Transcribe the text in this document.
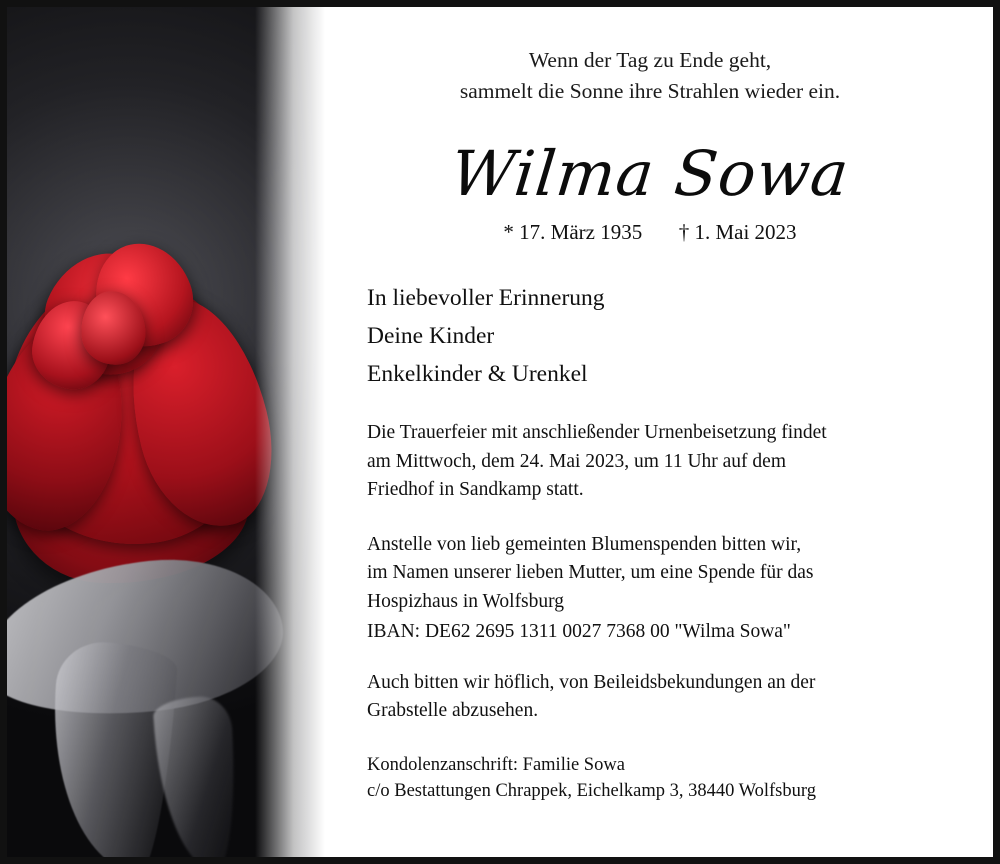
Wenn der Tag zu Ende geht,
sammelt die Sonne ihre Strahlen wieder ein.
Wilma Sowa
* 17. März 1935 † 1. Mai 2023
In liebevoller Erinnerung
Deine Kinder
Enkelkinder & Urenkel
Die Trauerfeier mit anschließender Urnenbeisetzung findet
am Mittwoch, dem 24. Mai 2023, um 11 Uhr auf dem
Friedhof in Sandkamp statt.
Anstelle von lieb gemeinten Blumenspenden bitten wir,
im Namen unserer lieben Mutter, um eine Spende für das
Hospizhaus in Wolfsburg
IBAN: DE62 2695 1311 0027 7368 00 "Wilma Sowa"
Auch bitten wir höflich, von Beileidsbekundungen an der
Grabstelle abzusehen.
Kondolenzanschrift: Familie Sowa
c/o Bestattungen Chrappek, Eichelkamp 3, 38440 Wolfsburg
